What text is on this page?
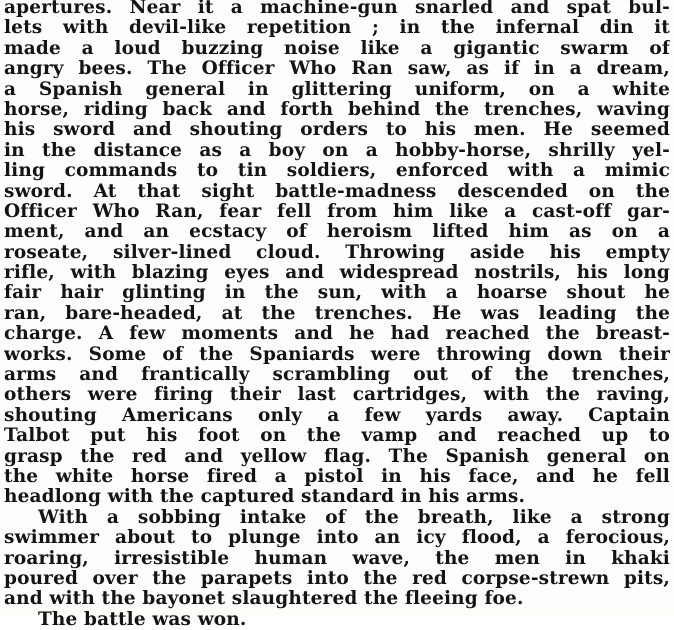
apertures. Near it a machine-gun snarled and spat bul-
lets with devil-like repetition ; in the infernal din it
made a loud buzzing noise like a gigantic swarm of
angry bees. The Officer Who Ran saw, as if in a dream,
a Spanish general in glittering uniform, on a white
horse, riding back and forth behind the trenches, waving
his sword and shouting orders to his men. He seemed
in the distance as a boy on a hobby-horse, shrilly yel-
ling commands to tin soldiers, enforced with a mimic
sword. At that sight battle-madness descended on the
Officer Who Ran, fear fell from him like a cast-off gar-
ment, and an ecstacy of heroism lifted him as on a
roseate, silver-lined cloud. Throwing aside his empty
rifle, with blazing eyes and widespread nostrils, his long
fair hair glinting in the sun, with a hoarse shout he
ran, bare-headed, at the trenches. He was leading the
charge. A few moments and he had reached the breast-
works. Some of the Spaniards were throwing down their
arms and frantically scrambling out of the trenches,
others were firing their last cartridges, with the raving,
shouting Americans only a few yards away. Captain
Talbot put his foot on the vamp and reached up to
grasp the red and yellow flag. The Spanish general on
the white horse fired a pistol in his face, and he fell
headlong with the captured standard in his arms.
With a sobbing intake of the breath, like a strong
swimmer about to plunge into an icy flood, a ferocious,
roaring, irresistible human wave, the men in khaki
poured over the parapets into the red corpse-strewn pits,
and with the bayonet slaughtered the fleeing foe.
The battle was won.
